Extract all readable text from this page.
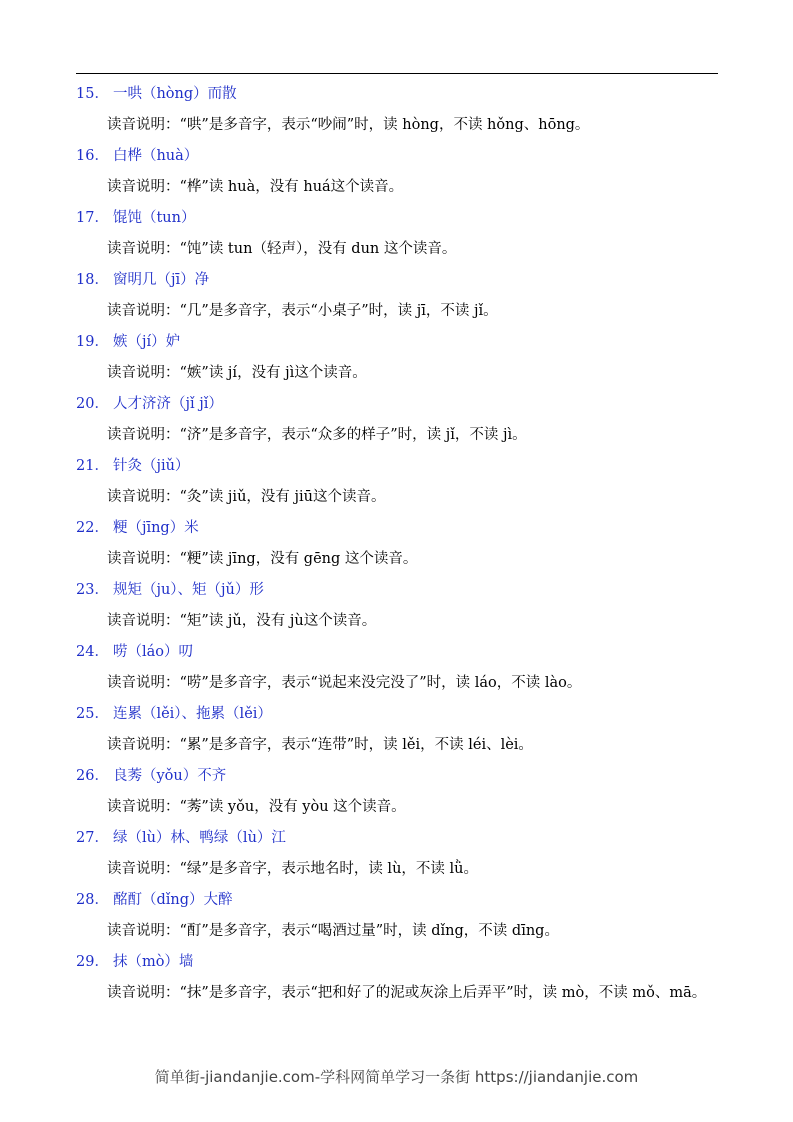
15． 一哄（hòng）而散
读音说明：“哄”是多音字，表示“吵闹”时，读 hòng，不读 hǒng、hōng。
16． 白桦（huà）
读音说明：“桦”读 huà，没有 huá这个读音。
17． 馄饨（tun）
读音说明：“饨”读 tun（轻声），没有 dun 这个读音。
18． 窗明几（jī）净
读音说明：“几”是多音字，表示“小桌子”时，读 jī，不读 jǐ。
19． 嫉（jí）妒
读音说明：“嫉”读 jí，没有 jì这个读音。
20． 人才济济（jǐ jǐ）
读音说明：“济”是多音字，表示“众多的样子”时，读 jǐ，不读 jì。
21． 针灸（jiǔ）
读音说明：“灸”读 jiǔ，没有 jiū这个读音。
22． 粳（jīng）米
读音说明：“粳”读 jīng，没有 gēng 这个读音。
23． 规矩（ju）、矩（jǔ）形
读音说明：“矩”读 jǔ，没有 jù这个读音。
24． 唠（láo）叨
读音说明：“唠”是多音字，表示“说起来没完没了”时，读 láo，不读 lào。
25． 连累（lěi）、拖累（lěi）
读音说明：“累”是多音字，表示“连带”时，读 lěi，不读 léi、lèi。
26． 良莠（yǒu）不齐
读音说明：“莠”读 yǒu，没有 yòu 这个读音。
27． 绿（lù）林、鸭绿（lù）江
读音说明：“绿”是多音字，表示地名时，读 lù，不读 lǜ。
28． 酩酊（dǐng）大醉
读音说明：“酊”是多音字，表示“喝酒过量”时，读 dǐng，不读 dīng。
29． 抹（mò）墙
读音说明：“抹”是多音字，表示“把和好了的泥或灰涂上后弄平”时，读 mò，不读 mǒ、mā。
简单街-jiandanjie.com-学科网简单学习一条街 https://jiandanjie.com
